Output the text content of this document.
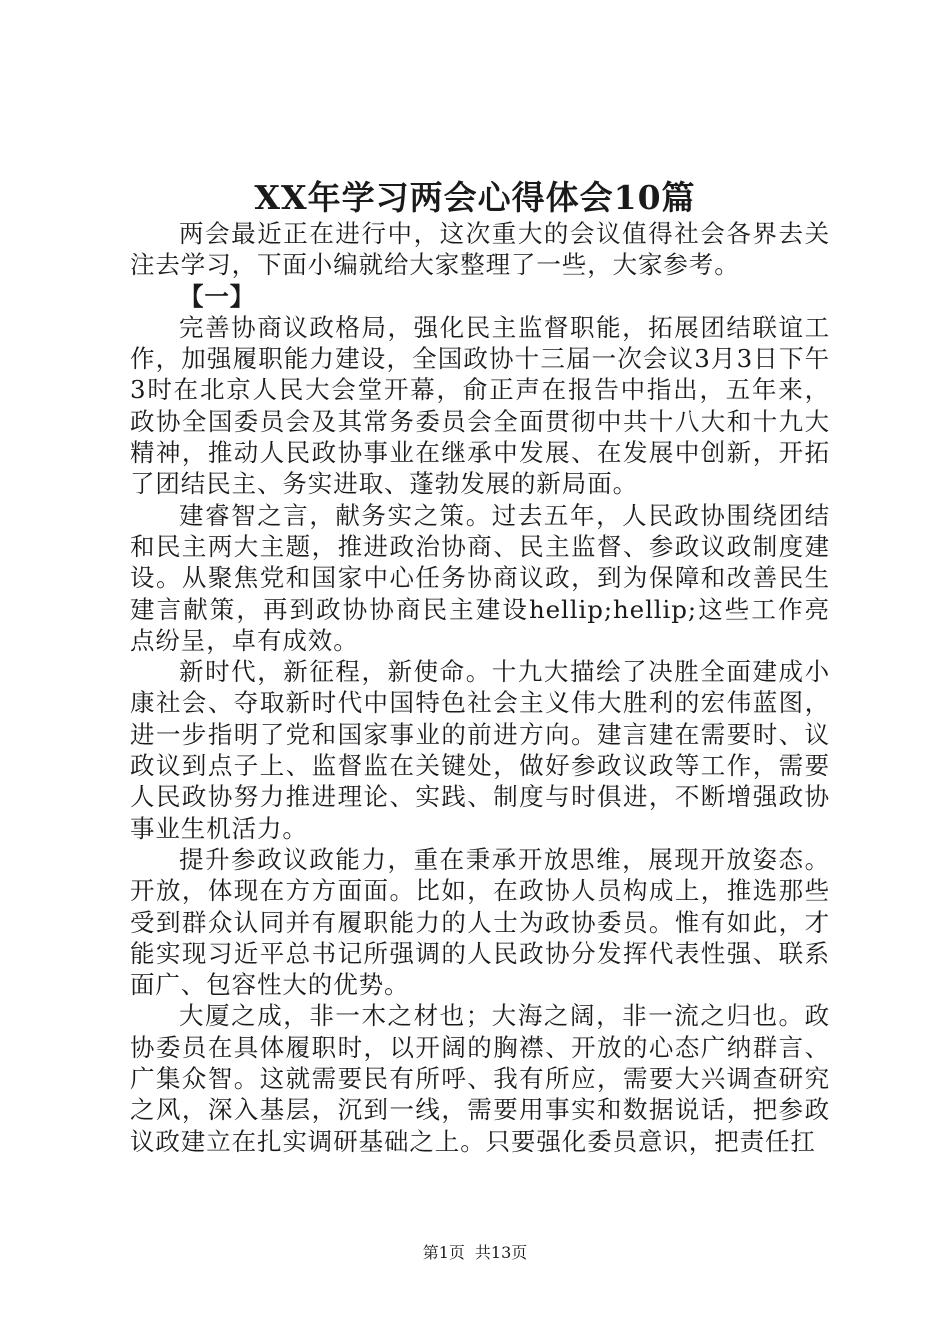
XX年学习两会心得体会10篇

两会最近正在进行中，这次重大的会议值得社会各界去关注去学习，下面小编就给大家整理了一些，大家参考。

【一】

完善协商议政格局，强化民主监督职能，拓展团结联谊工作，加强履职能力建设，全国政协十三届一次会议3月3日下午3时在北京人民大会堂开幕，俞正声在报告中指出，五年来，政协全国委员会及其常务委员会全面贯彻中共十八大和十九大精神，推动人民政协事业在继承中发展、在发展中创新，开拓了团结民主、务实进取、蓬勃发展的新局面。

建睿智之言，献务实之策。过去五年，人民政协围绕团结和民主两大主题，推进政治协商、民主监督、参政议政制度建设。从聚焦党和国家中心任务协商议政，到为保障和改善民生建言献策，再到政协协商民主建设hellip;hellip;这些工作亮点纷呈，卓有成效。

新时代，新征程，新使命。十九大描绘了决胜全面建成小康社会、夺取新时代中国特色社会主义伟大胜利的宏伟蓝图，进一步指明了党和国家事业的前进方向。建言建在需要时、议政议到点子上、监督监在关键处，做好参政议政等工作，需要人民政协努力推进理论、实践、制度与时俱进，不断增强政协事业生机活力。

提升参政议政能力，重在秉承开放思维，展现开放姿态。开放，体现在方方面面。比如，在政协人员构成上，推选那些受到群众认同并有履职能力的人士为政协委员。惟有如此，才能实现习近平总书记所强调的人民政协分发挥代表性强、联系面广、包容性大的优势。

大厦之成，非一木之材也；大海之阔，非一流之归也。政协委员在具体履职时，以开阔的胸襟、开放的心态广纳群言、广集众智。这就需要民有所呼、我有所应，需要大兴调查研究之风，深入基层，沉到一线，需要用事实和数据说话，把参政议政建立在扎实调研基础之上。只要强化委员意识，把责任扛

第1页 共13页
